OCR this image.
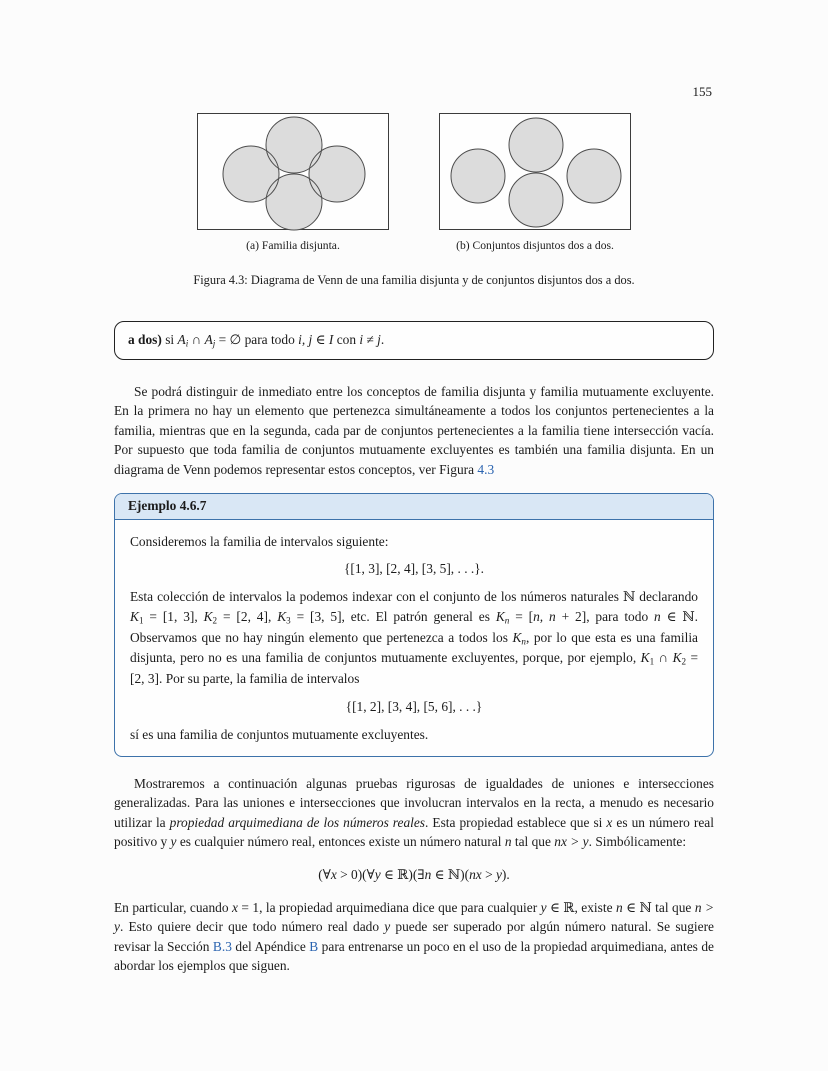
155
(a) Familia disjunta.	(b) Conjuntos disjuntos dos a dos.
Figura 4.3: Diagrama de Venn de una familia disjunta y de conjuntos disjuntos dos a dos.
a dos) si Ai ∩ Aj = ∅ para todo i, j ∈ I con i ≠ j.

Se podrá distinguir de inmediato entre los conceptos de familia disjunta y familia mutuamente excluyente. En la primera no hay un elemento que pertenezca simultáneamente a todos los conjuntos pertenecientes a la familia, mientras que en la segunda, cada par de conjuntos pertenecientes a la familia tiene intersección vacía. Por supuesto que toda familia de conjuntos mutuamente excluyentes es también una familia disjunta. En un diagrama de Venn podemos representar estos conceptos, ver Figura 4.3

Ejemplo 4.6.7

Consideremos la familia de intervalos siguiente:

{[1, 3], [2, 4], [3, 5], . . .}.

Esta colección de intervalos la podemos indexar con el conjunto de los números naturales ℕ declarando K1 = [1, 3], K2 = [2, 4], K3 = [3, 5], etc. El patrón general es Kn = [n, n + 2], para todo n ∈ ℕ. Observamos que no hay ningún elemento que pertenezca a todos los Kn, por lo que esta es una familia disjunta, pero no es una familia de conjuntos mutuamente excluyentes, porque, por ejemplo, K1 ∩ K2 = [2, 3]. Por su parte, la familia de intervalos

{[1, 2], [3, 4], [5, 6], . . .}

sí es una familia de conjuntos mutuamente excluyentes.

Mostraremos a continuación algunas pruebas rigurosas de igualdades de uniones e intersecciones generalizadas. Para las uniones e intersecciones que involucran intervalos en la recta, a menudo es necesario utilizar la propiedad arquimediana de los números reales. Esta propiedad establece que si x es un número real positivo y y es cualquier número real, entonces existe un número natural n tal que nx > y. Simbólicamente:

(∀x > 0)(∀y ∈ ℝ)(∃n ∈ ℕ)(nx > y).

En particular, cuando x = 1, la propiedad arquimediana dice que para cualquier y ∈ ℝ, existe n ∈ ℕ tal que n > y. Esto quiere decir que todo número real dado y puede ser superado por algún número natural. Se sugiere revisar la Sección B.3 del Apéndice B para entrenarse un poco en el uso de la propiedad arquimediana, antes de abordar los ejemplos que siguen.
